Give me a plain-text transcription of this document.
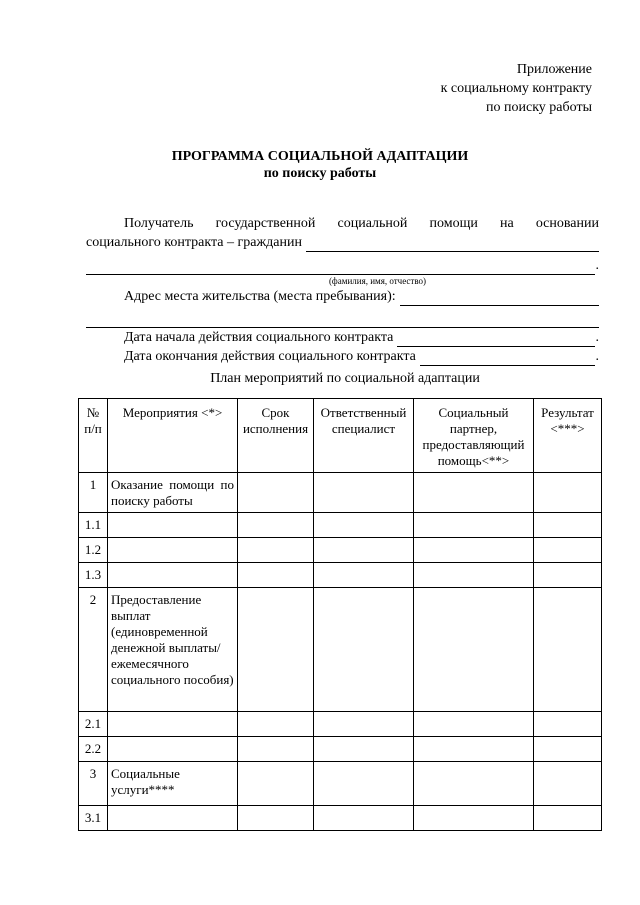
Приложение
к социальному контракту
по поиску работы
ПРОГРАММА СОЦИАЛЬНОЙ АДАПТАЦИИ
по поиску работы
Получатель государственной социальной помощи на основании
социального контракта – гражданин
.
(фамилия, имя, отчество)
Адрес места жительства (места пребывания):
Дата начала действия социального контракта	.
Дата окончания действия социального контракта	.
План мероприятий по социальной адаптации
№ п/п	Мероприятия <*>	Срок исполнения	Ответственный специалист	Социальный партнер, предоставляющий помощь<**>	Результат <***>
1	Оказание помощи по поиску работы				
1.1					
1.2					
1.3					
2	Предоставление выплат (единовременной денежной выплаты/ ежемесячного социального пособия)				
2.1					
2.2					
3	Социальные услуги****				
3.1					
